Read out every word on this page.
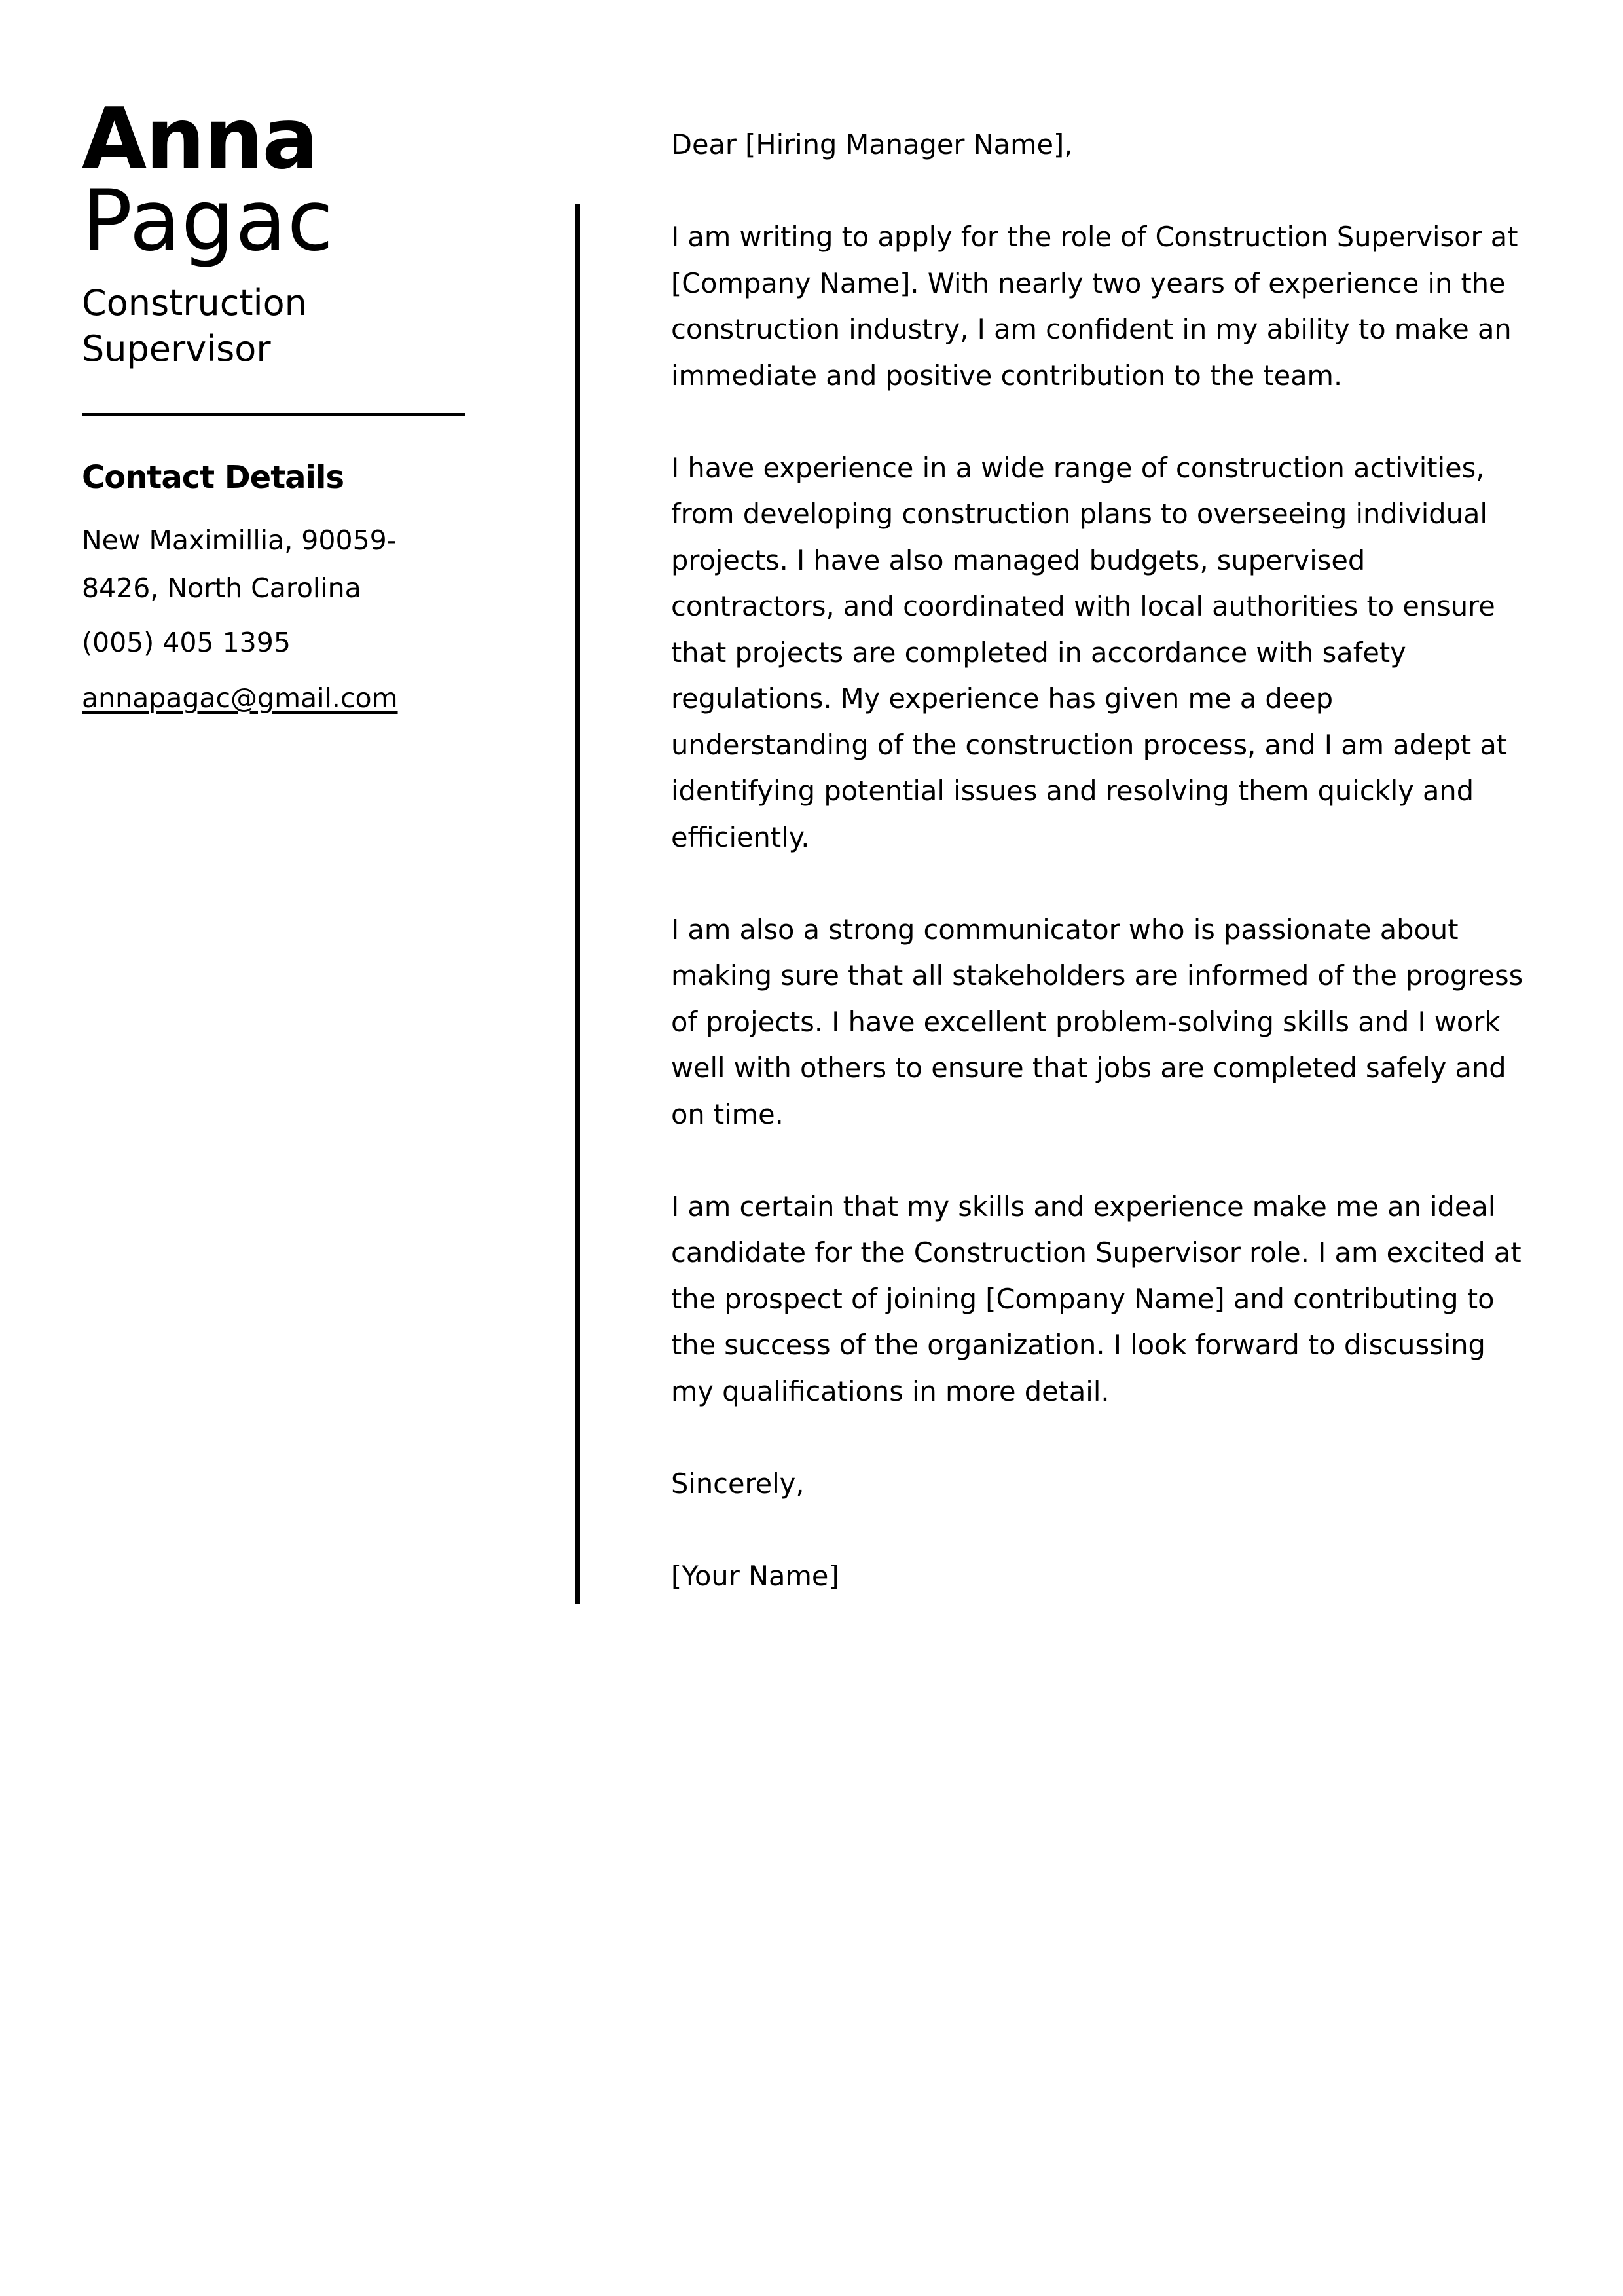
Anna
Pagac
Construction Supervisor
Contact Details
New Maximillia, 90059-8426, North Carolina
(005) 405 1395
annapagac@gmail.com

Dear [Hiring Manager Name],

I am writing to apply for the role of Construction Supervisor at [Company Name]. With nearly two years of experience in the construction industry, I am confident in my ability to make an immediate and positive contribution to the team.

I have experience in a wide range of construction activities, from developing construction plans to overseeing individual projects. I have also managed budgets, supervised contractors, and coordinated with local authorities to ensure that projects are completed in accordance with safety regulations. My experience has given me a deep understanding of the construction process, and I am adept at identifying potential issues and resolving them quickly and efficiently.

I am also a strong communicator who is passionate about making sure that all stakeholders are informed of the progress of projects. I have excellent problem-solving skills and I work well with others to ensure that jobs are completed safely and on time.

I am certain that my skills and experience make me an ideal candidate for the Construction Supervisor role. I am excited at the prospect of joining [Company Name] and contributing to the success of the organization. I look forward to discussing my qualifications in more detail.

Sincerely,

[Your Name]
